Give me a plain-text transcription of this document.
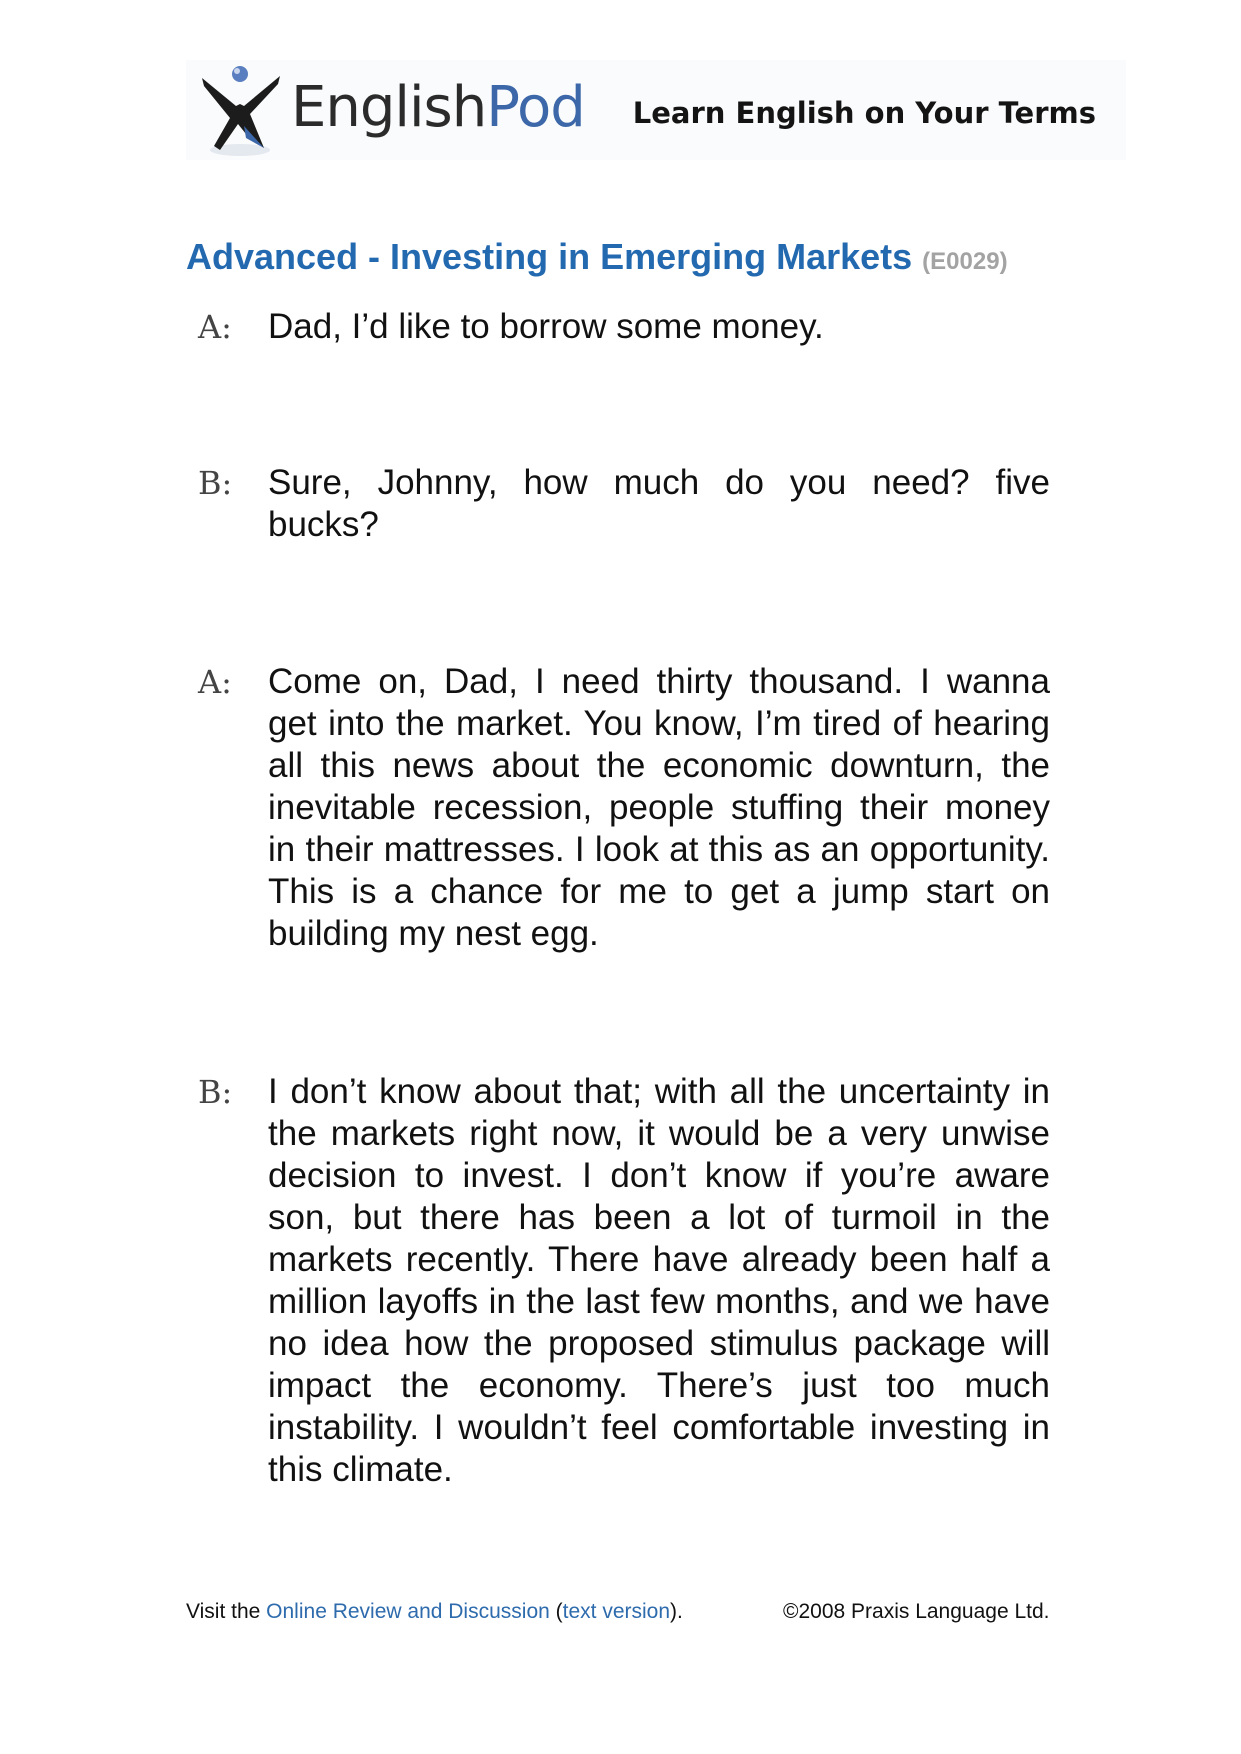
EnglishPod Learn English on Your Terms
Advanced - Investing in Emerging Markets (E0029)
A:	Dad, I’d like to borrow some money.
B:	Sure, Johnny, how much do you need? five bucks?
A:	Come on, Dad, I need thirty thousand. I wanna get into the market. You know, I’m tired of hearing all this news about the economic downturn, the inevitable recession, people stuffing their money in their mattresses. I look at this as an opportunity. This is a chance for me to get a jump start on building my nest egg.
B:	I don’t know about that; with all the uncertainty in the markets right now, it would be a very unwise decision to invest. I don’t know if you’re aware son, but there has been a lot of turmoil in the markets recently. There have already been half a million layoffs in the last few months, and we have no idea how the proposed stimulus package will impact the economy. There’s just too much instability. I wouldn’t feel comfortable investing in this climate.
Visit the Online Review and Discussion (text version).	©2008 Praxis Language Ltd.
